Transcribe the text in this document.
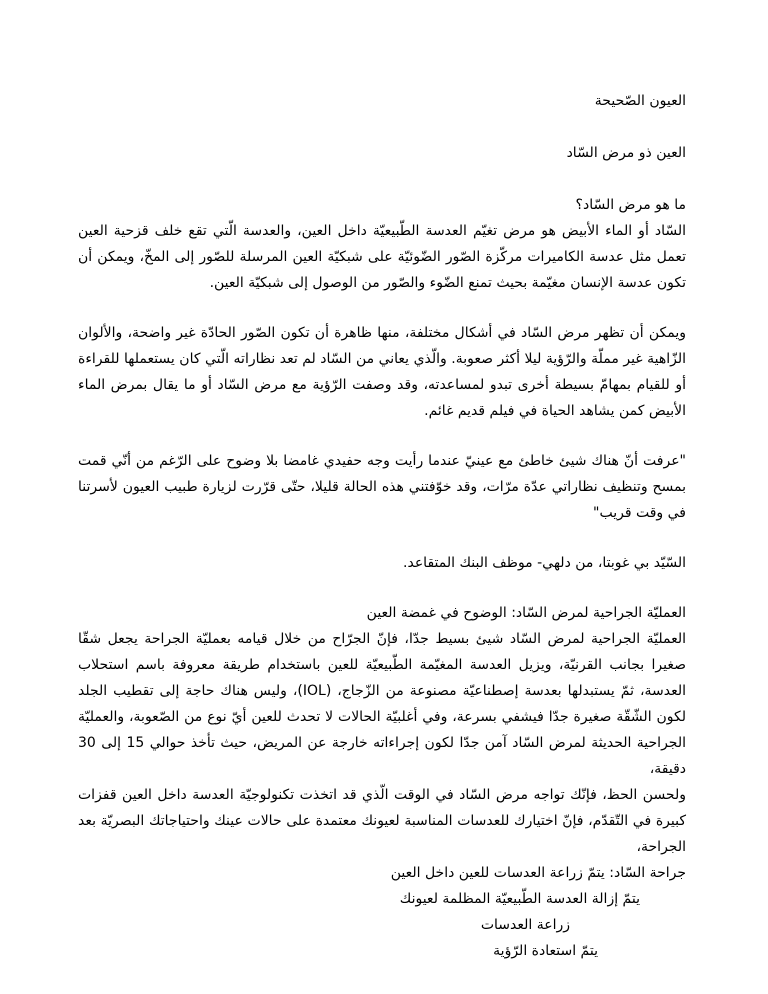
العيون الصّحيحة

العين ذو مرض السّاد

ما هو مرض السّاد؟

السّاد أو الماء الأبيض هو مرض تغيّم العدسة الطّبيعيّة داخل العين، والعدسة الّتي تقع خلف قزحية العين تعمل مثل عدسة الكاميرات مركّزة الصّور الضّوئيّة على شبكيّة العين المرسلة للصّور إلى المخّ، ويمكن أن تكون عدسة الإنسان مغيّمة بحيث تمنع الضّوء والصّور من الوصول إلى شبكيّة العين.

ويمكن أن تظهر مرض السّاد في أشكال مختلفة، منها ظاهرة أن تكون الصّور الحادّة غير واضحة، والألوان الزّاهية غير مملّة والرّؤية ليلا أكثر صعوبة. والّذي يعاني من السّاد لم تعد نظاراته الّتي كان يستعملها للقراءة أو للقيام بمهامّ بسيطة أخرى تبدو لمساعدته، وقد وصفت الرّؤية مع مرض السّاد أو ما يقال بمرض الماء الأبيض كمن يشاهد الحياة في فيلم قديم غائم.

"عرفت أنّ هناك شيئ خاطئ مع عينيّ عندما رأيت وجه حفيدي غامضا بلا وضوح على الرّغم من أنّي قمت بمسح وتنظيف نظاراتي عدّة مرّات، وقد خوّفتني هذه الحالة قليلا، حتّى قرّرت لزيارة طبيب العيون لأسرتنا في وقت قريب"

السّيّد بي غوبتا، من دلهي- موظف البنك المتقاعد.

العمليّة الجراحية لمرض السّاد: الوضوح في غمضة العين

العمليّة الجراحية لمرض السّاد شيئ بسيط جدّا، فإنّ الجرّاح من خلال قيامه بعمليّة الجراحة يجعل شقّا صغيرا بجانب القرنيّة، ويزيل العدسة المغيّمة الطّبيعيّة للعين باستخدام طريقة معروفة باسم استحلاب العدسة، ثمّ يستبدلها بعدسة إصطناعيّة مصنوعة من الزّجاج، (IOL)، وليس هناك حاجة إلى تقطيب الجلد لكون الشّقّة صغيرة جدّا فيشفي بسرعة، وفي أغلبيّة الحالات لا تحدث للعين أيّ نوع من الصّعوبة، والعمليّة الجراحية الحديثة لمرض السّاد آمن جدّا لكون إجراءاته خارجة عن المريض، حيث تأخذ حوالي 15 إلى 30 دقيقة،

ولحسن الحظ، فإنّك تواجه مرض السّاد في الوقت الّذي قد اتخذت تكنولوجيّة العدسة داخل العين قفزات كبيرة في التّقدّم، فإنّ اختيارك للعدسات المناسبة لعيونك معتمدة على حالات عينك واحتياجاتك البصريّة بعد الجراحة،

جراحة السّاد: يتمّ زراعة العدسات للعين داخل العين

يتمّ إزالة العدسة الطّبيعيّة المظلمة لعيونك
زراعة العدسات
يتمّ استعادة الرّؤية
